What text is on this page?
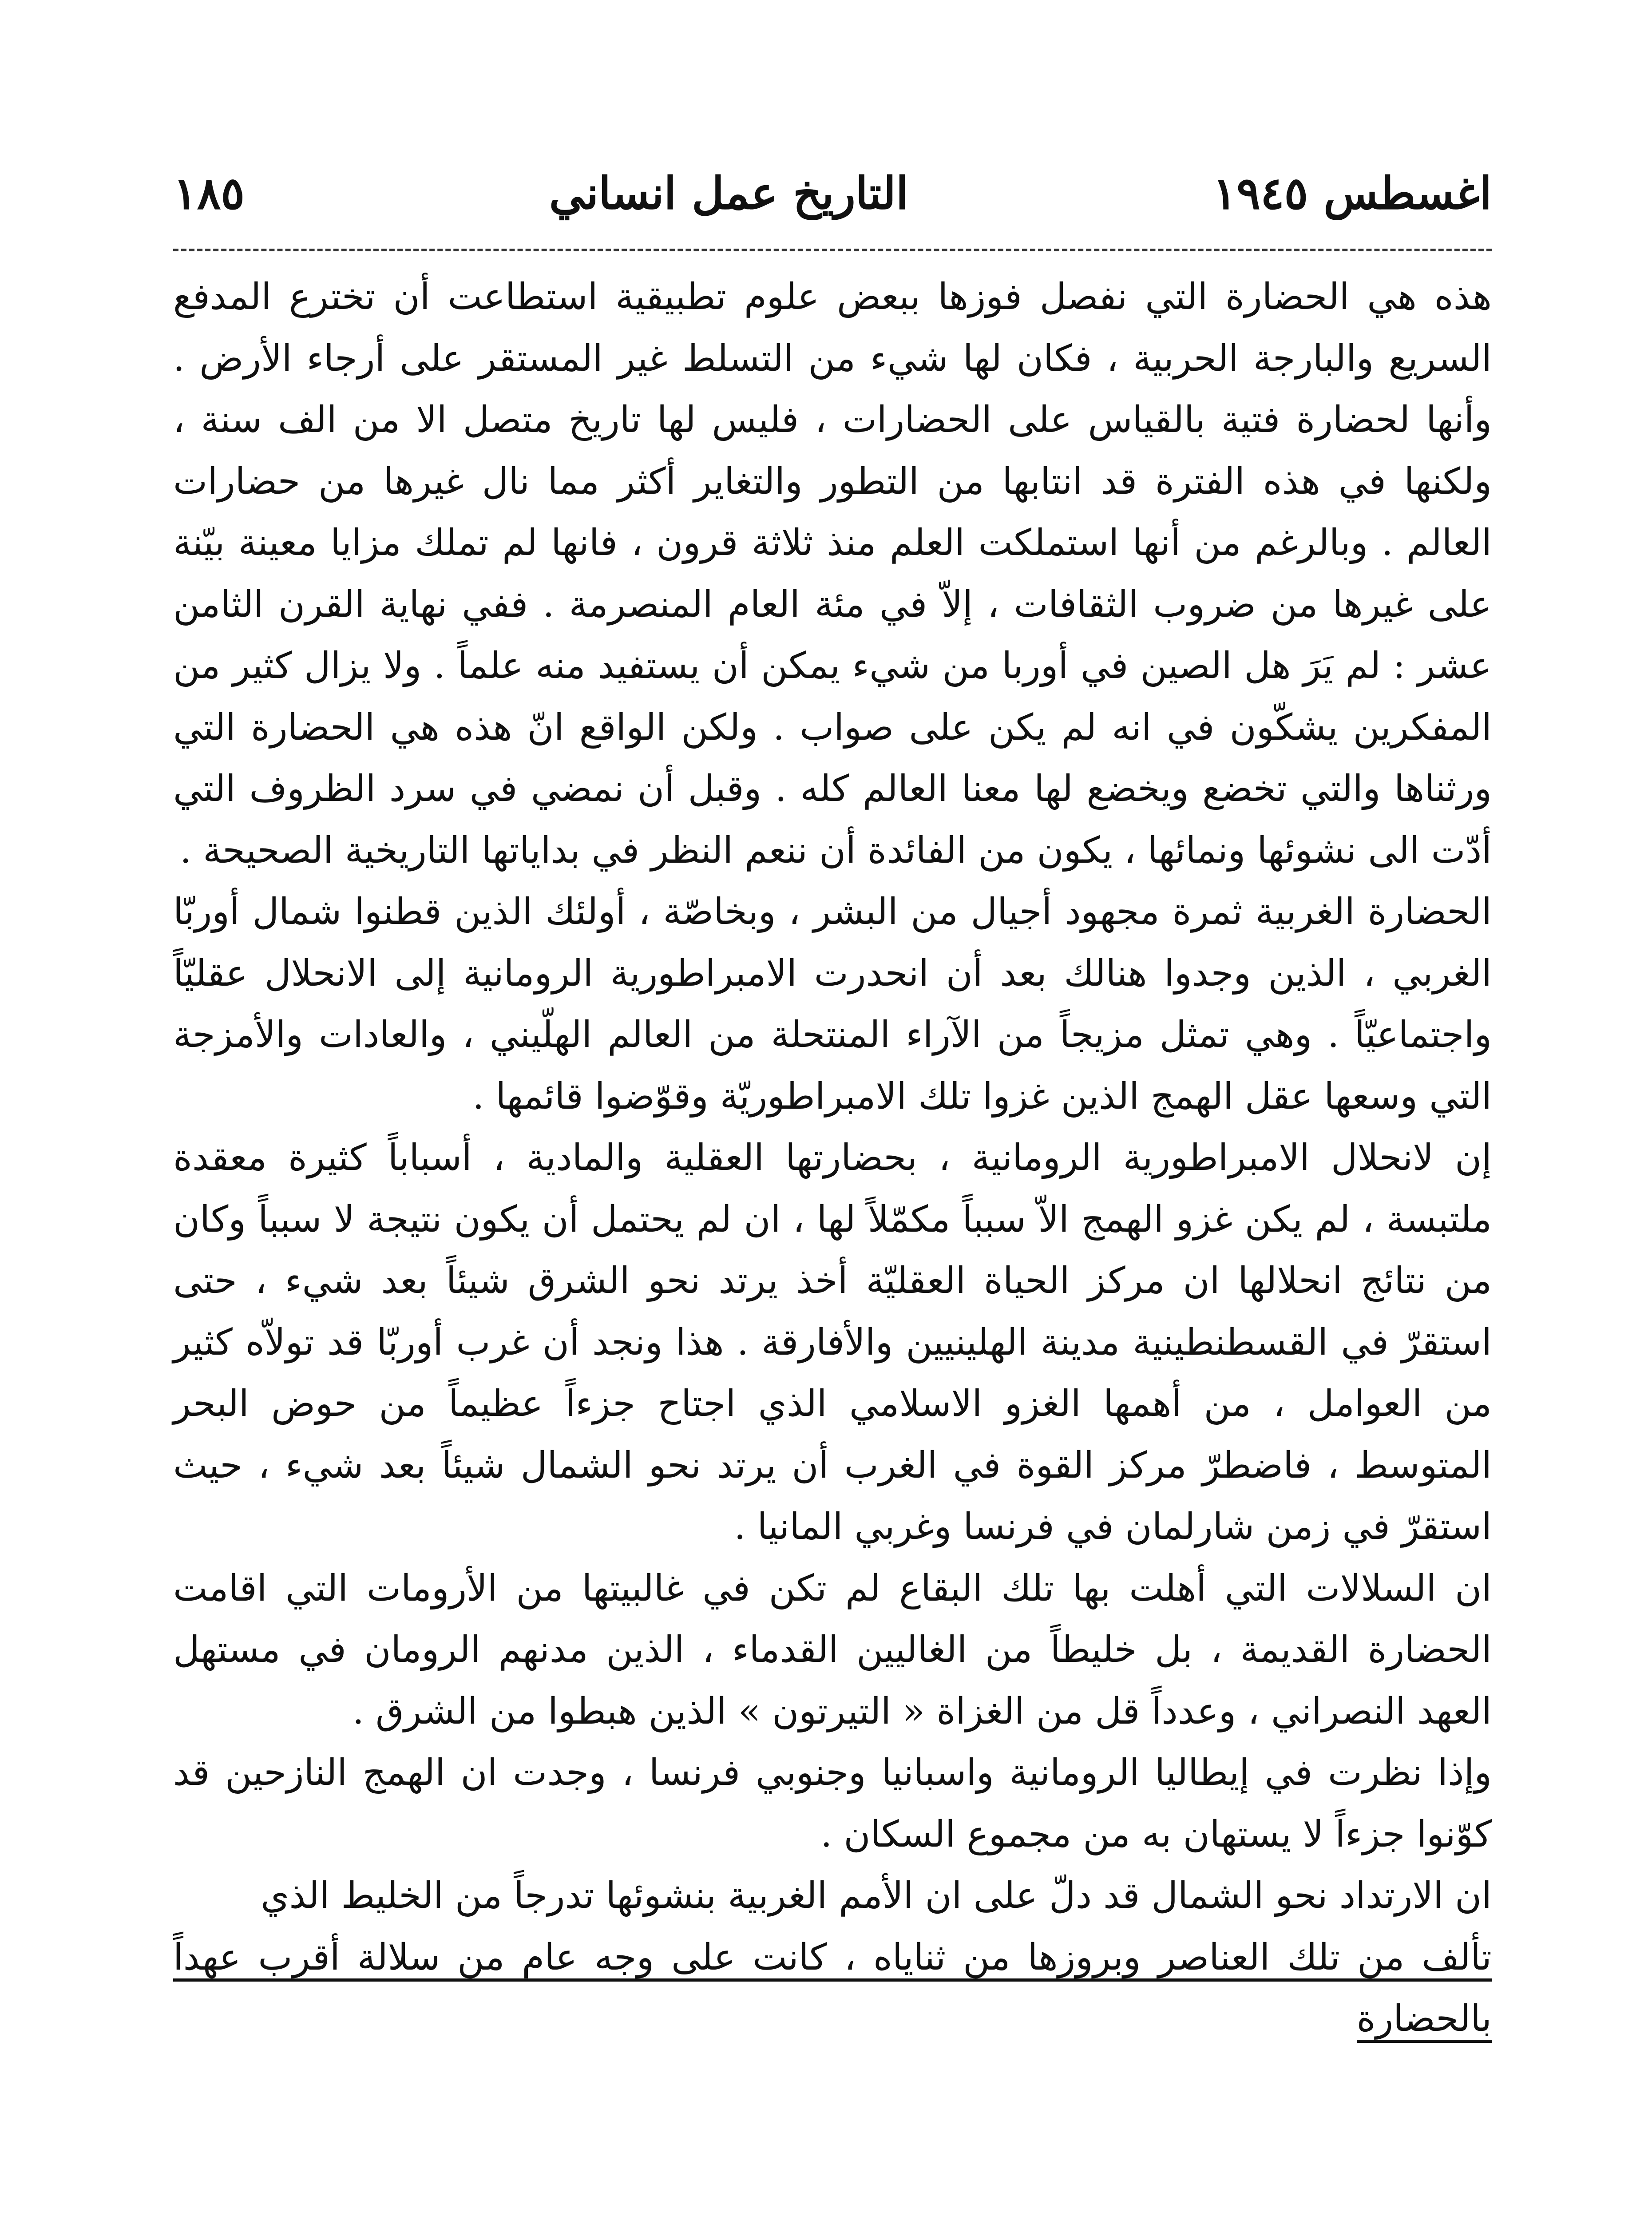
اغسطس ١٩٤٥
التاريخ عمل انساني
١٨٥

هذه هي الحضارة التي نفصل فوزها ببعض علوم تطبيقية استطاعت أن تخترع المدفع السريع والبارجة الحربية ، فكان لها شيء من التسلط غير المستقر على أرجاء الأرض . وأنها لحضارة فتية بالقياس على الحضارات ، فليس لها تاريخ متصل الا من الف سنة ، ولكنها في هذه الفترة قد انتابها من التطور والتغاير أكثر مما نال غيرها من حضارات العالم . وبالرغم من أنها استملكت العلم منذ ثلاثة قرون ، فانها لم تملك مزايا معينة بيّنة على غيرها من ضروب الثقافات ، إلاّ في مئة العام المنصرمة . ففي نهاية القرن الثامن عشر : لم يَرَ هل الصين في أوربا من شيء يمكن أن يستفيد منه علماً . ولا يزال كثير من المفكرين يشكّون في انه لم يكن على صواب . ولكن الواقع انّ هذه هي الحضارة التي ورثناها والتي تخضع ويخضع لها معنا العالم كله . وقبل أن نمضي في سرد الظروف التي أدّت الى نشوئها ونمائها ، يكون من الفائدة أن ننعم النظر في بداياتها التاريخية الصحيحة .

الحضارة الغربية ثمرة مجهود أجيال من البشر ، وبخاصّة ، أولئك الذين قطنوا شمال أوربّا الغربي ، الذين وجدوا هنالك بعد أن انحدرت الامبراطورية الرومانية إلى الانحلال عقليّاً واجتماعيّاً . وهي تمثل مزيجاً من الآراء المنتحلة من العالم الهلّيني ، والعادات والأمزجة التي وسعها عقل الهمج الذين غزوا تلك الامبراطوريّة وقوّضوا قائمها .

إن لانحلال الامبراطورية الرومانية ، بحضارتها العقلية والمادية ، أسباباً كثيرة معقدة ملتبسة ، لم يكن غزو الهمج الاّ سبباً مكمّلاً لها ، ان لم يحتمل أن يكون نتيجة لا سبباً وكان من نتائج انحلالها ان مركز الحياة العقليّة أخذ يرتد نحو الشرق شيئاً بعد شيء ، حتى استقرّ في القسطنطينية مدينة الهلينيين والأفارقة . هذا ونجد أن غرب أوربّا قد تولاّه كثير من العوامل ، من أهمها الغزو الاسلامي الذي اجتاح جزءاً عظيماً من حوض البحر المتوسط ، فاضطرّ مركز القوة في الغرب أن يرتد نحو الشمال شيئاً بعد شيء ، حيث استقرّ في زمن شارلمان في فرنسا وغربي المانيا .

ان السلالات التي أهلت بها تلك البقاع لم تكن في غالبيتها من الأرومات التي اقامت الحضارة القديمة ، بل خليطاً من الغاليين القدماء ، الذين مدنهم الرومان في مستهل العهد النصراني ، وعدداً قل من الغزاة « التيرتون » الذين هبطوا من الشرق .

وإذا نظرت في إيطاليا الرومانية واسبانيا وجنوبي فرنسا ، وجدت ان الهمج النازحين قد كوّنوا جزءاً لا يستهان به من مجموع السكان .

ان الارتداد نحو الشمال قد دلّ على ان الأمم الغربية بنشوئها تدرجاً من الخليط الذي

تألف من تلك العناصر وبروزها من ثناياه ، كانت على وجه عام من سلالة أقرب عهداً بالحضارة
